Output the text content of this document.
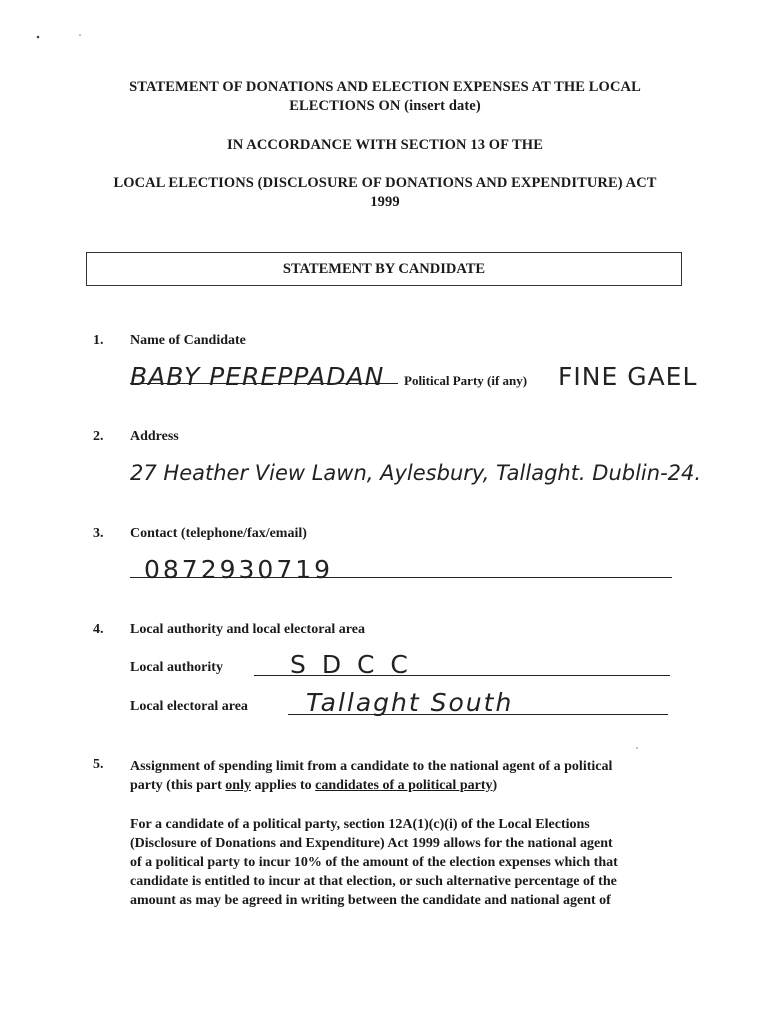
STATEMENT OF DONATIONS AND ELECTION EXPENSES AT THE LOCAL
ELECTIONS ON (insert date)
IN ACCORDANCE WITH SECTION 13 OF THE
LOCAL ELECTIONS (DISCLOSURE OF DONATIONS AND EXPENDITURE) ACT
1999
STATEMENT BY CANDIDATE
1. Name of Candidate
BABY PEREPPADAN Political Party (if any) FINE GAEL
2. Address
27 Heather View Lawn, Aylesbury, Tallaght. Dublin-24.
3. Contact (telephone/fax/email)
0872930719
4. Local authority and local electoral area
Local authority	S D C C
Local electoral area Tallaght South
5. Assignment of spending limit from a candidate to the national agent of a political
party (this part only applies to candidates of a political party)
For a candidate of a political party, section 12A(1)(c)(i) of the Local Elections
(Disclosure of Donations and Expenditure) Act 1999 allows for the national agent
of a political party to incur 10% of the amount of the election expenses which that
candidate is entitled to incur at that election, or such alternative percentage of the
amount as may be agreed in writing between the candidate and national agent of
